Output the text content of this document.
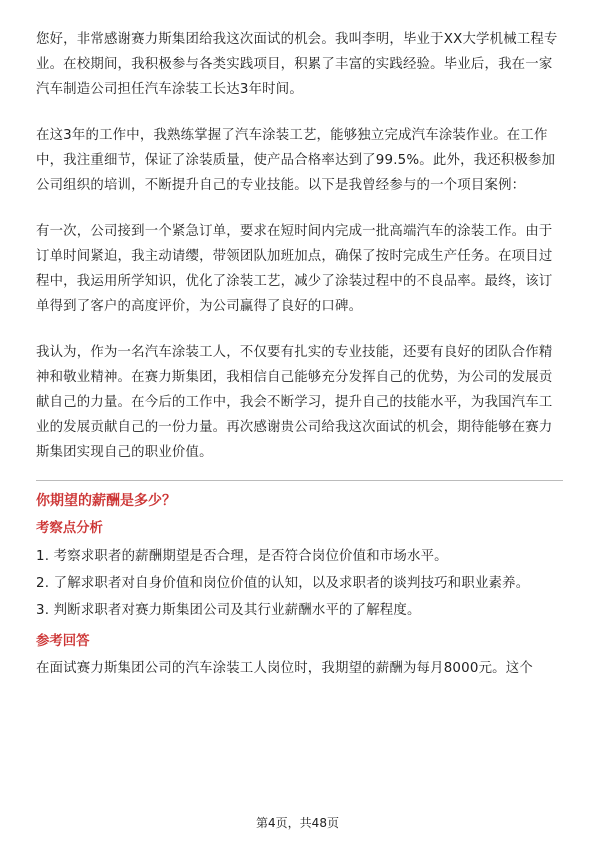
您好，非常感谢赛力斯集团给我这次面试的机会。我叫李明，毕业于XX大学机械工程专业。在校期间，我积极参与各类实践项目，积累了丰富的实践经验。毕业后，我在一家汽车制造公司担任汽车涂装工长达3年时间。

在这3年的工作中，我熟练掌握了汽车涂装工艺，能够独立完成汽车涂装作业。在工作中，我注重细节，保证了涂装质量，使产品合格率达到了99.5%。此外，我还积极参加公司组织的培训，不断提升自己的专业技能。以下是我曾经参与的一个项目案例：

有一次，公司接到一个紧急订单，要求在短时间内完成一批高端汽车的涂装工作。由于订单时间紧迫，我主动请缨，带领团队加班加点，确保了按时完成生产任务。在项目过程中，我运用所学知识，优化了涂装工艺，减少了涂装过程中的不良品率。最终，该订单得到了客户的高度评价，为公司赢得了良好的口碑。

我认为，作为一名汽车涂装工人，不仅要有扎实的专业技能，还要有良好的团队合作精神和敬业精神。在赛力斯集团，我相信自己能够充分发挥自己的优势，为公司的发展贡献自己的力量。在今后的工作中，我会不断学习，提升自己的技能水平，为我国汽车工业的发展贡献自己的一份力量。再次感谢贵公司给我这次面试的机会，期待能够在赛力斯集团实现自己的职业价值。

你期望的薪酬是多少？
考察点分析

1. 考察求职者的薪酬期望是否合理，是否符合岗位价值和市场水平。

2. 了解求职者对自身价值和岗位价值的认知，以及求职者的谈判技巧和职业素养。

3. 判断求职者对赛力斯集团公司及其行业薪酬水平的了解程度。

参考回答

在面试赛力斯集团公司的汽车涂装工人岗位时，我期望的薪酬为每月8000元。这个

第4页，共48页
